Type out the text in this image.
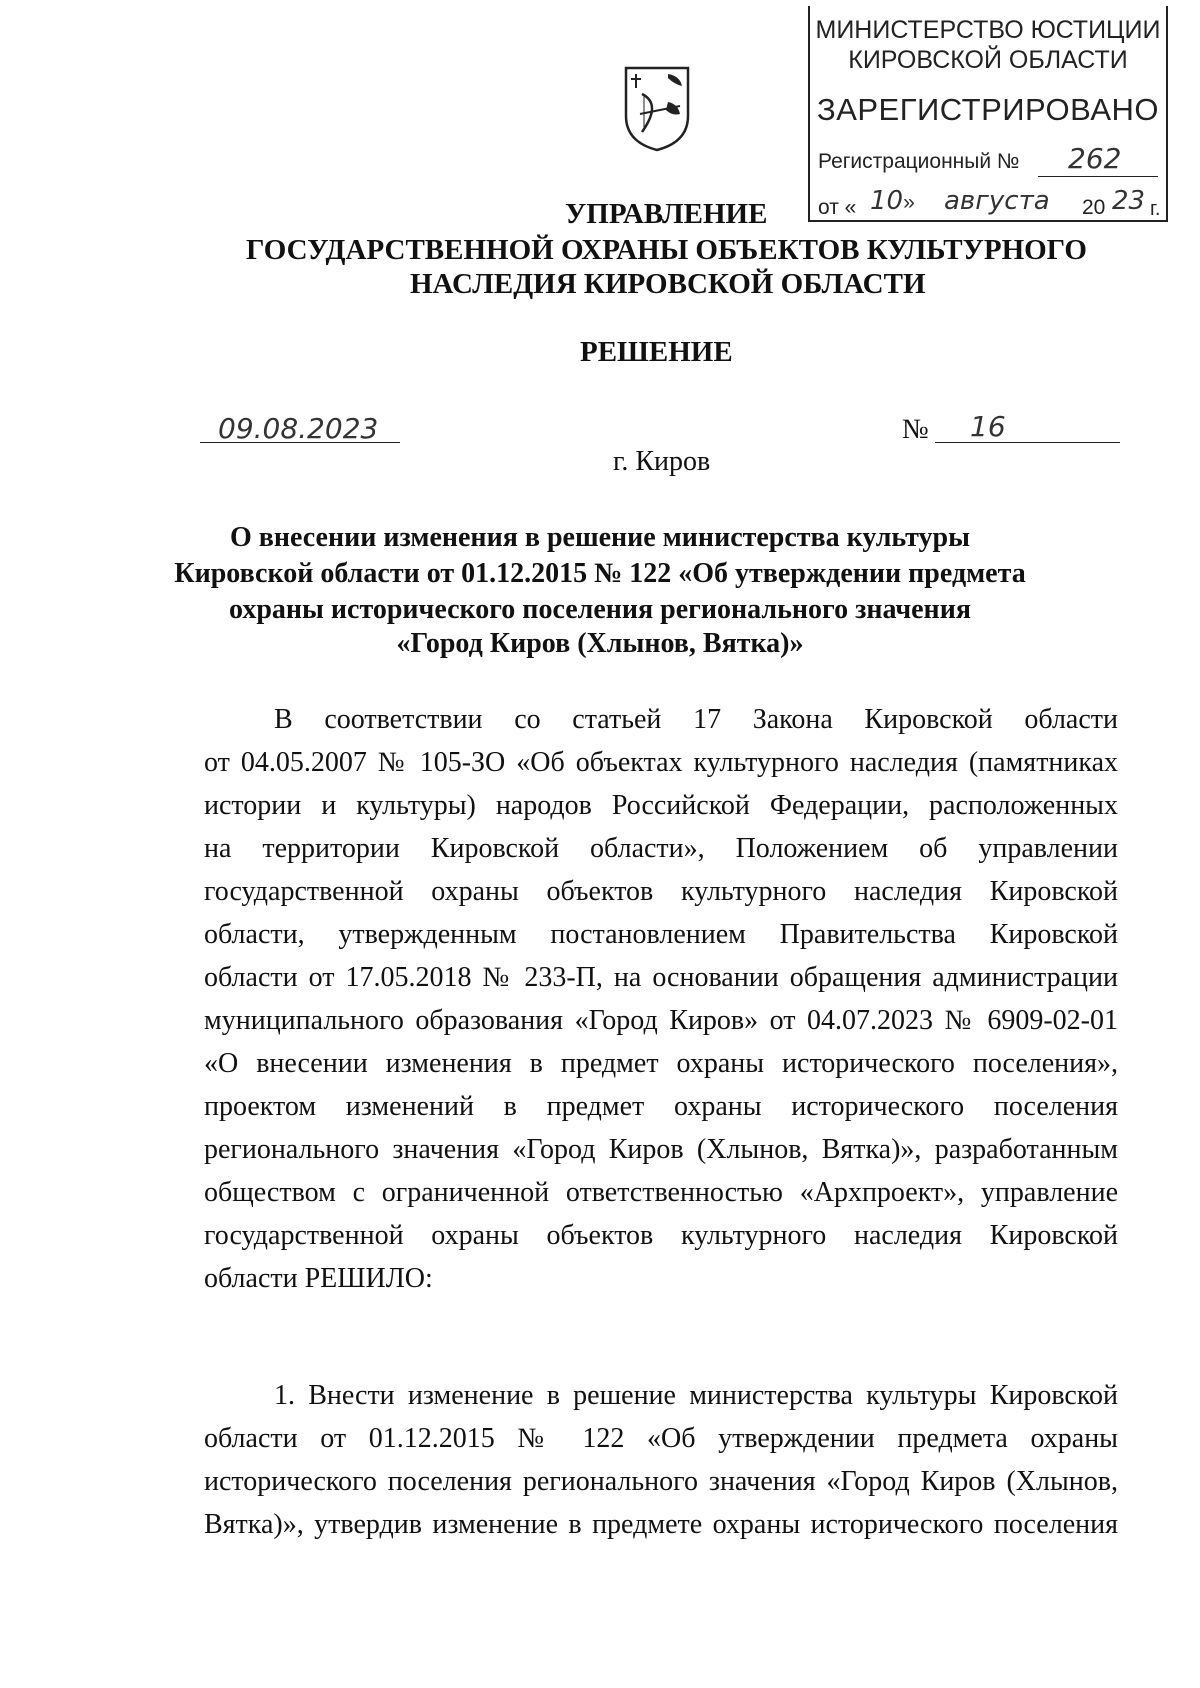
МИНИСТЕРСТВО ЮСТИЦИИ
КИРОВСКОЙ ОБЛАСТИ
ЗАРЕГИСТРИРОВАНО
Регистрационный № 262
от « 10» августа 20 23 г.
УПРАВЛЕНИЕ
ГОСУДАРСТВЕННОЙ ОХРАНЫ ОБЪЕКТОВ КУЛЬТУРНОГО
НАСЛЕДИЯ КИРОВСКОЙ ОБЛАСТИ
РЕШЕНИЕ
09.08.2023	№ 16
г. Киров
О внесении изменения в решение министерства культуры
Кировской области от 01.12.2015 № 122 «Об утверждении предмета
охраны исторического поселения регионального значения
«Город Киров (Хлынов, Вятка)»
В соответствии со статьей 17 Закона Кировской области
от 04.05.2007 № 105-ЗО «Об объектах культурного наследия (памятниках
истории и культуры) народов Российской Федерации, расположенных
на территории Кировской области», Положением об управлении
государственной охраны объектов культурного наследия Кировской
области, утвержденным постановлением Правительства Кировской
области от 17.05.2018 № 233-П, на основании обращения администрации
муниципального образования «Город Киров» от 04.07.2023 № 6909-02-01
«О внесении изменения в предмет охраны исторического поселения»,
проектом изменений в предмет охраны исторического поселения
регионального значения «Город Киров (Хлынов, Вятка)», разработанным
обществом с ограниченной ответственностью «Архпроект», управление
государственной охраны объектов культурного наследия Кировской
области РЕШИЛО:
1. Внести изменение в решение министерства культуры Кировской
области от 01.12.2015 № 122 «Об утверждении предмета охраны
исторического поселения регионального значения «Город Киров (Хлынов,
Вятка)», утвердив изменение в предмете охраны исторического поселения
